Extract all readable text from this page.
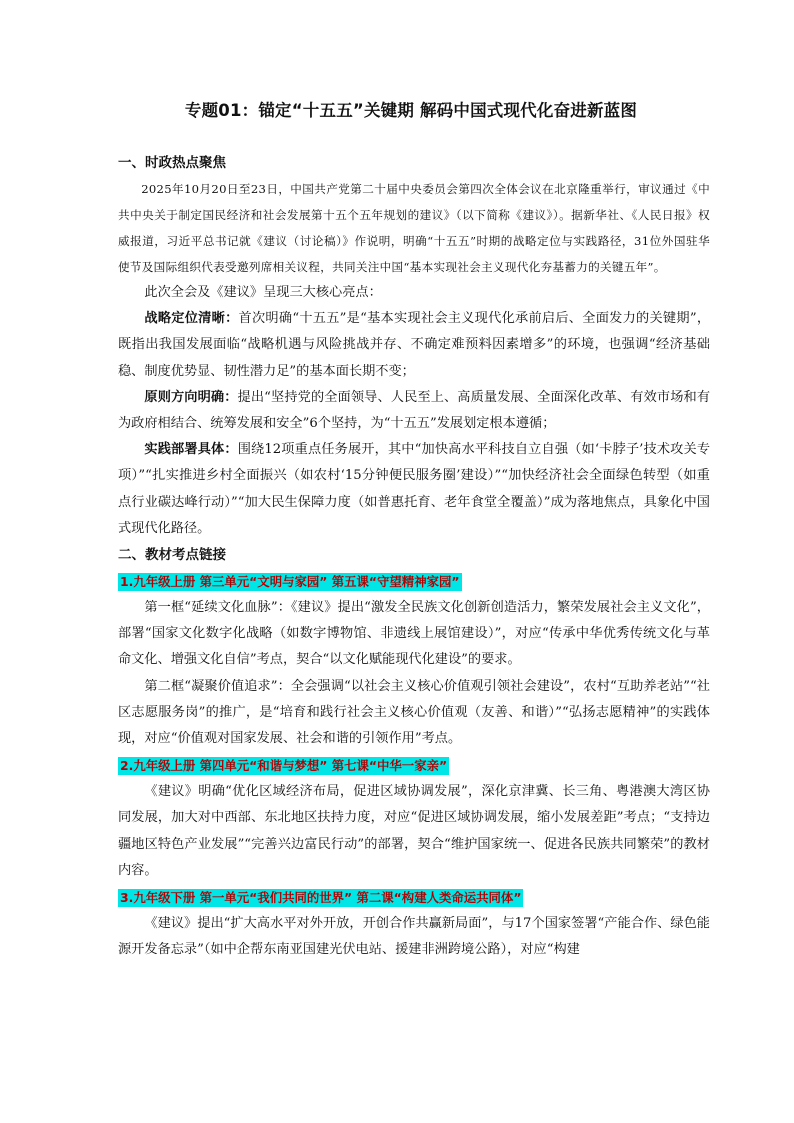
专题01：锚定“十五五”关键期 解码中国式现代化奋进新蓝图
一、时政热点聚焦

2025年10月20日至23日，中国共产党第二十届中央委员会第四次全体会议在北京隆重举行，审议通过《中共中央关于制定国民经济和社会发展第十五个五年规划的建议》（以下简称《建议》）。据新华社、《人民日报》权威报道，习近平总书记就《建议（讨论稿）》作说明，明确“十五五”时期的战略定位与实践路径，31位外国驻华使节及国际组织代表受邀列席相关议程，共同关注中国“基本实现社会主义现代化夯基蓄力的关键五年”。

此次全会及《建议》呈现三大核心亮点：

战略定位清晰：首次明确“十五五”是“基本实现社会主义现代化承前启后、全面发力的关键期”，既指出我国发展面临“战略机遇与风险挑战并存、不确定难预料因素增多”的环境，也强调“经济基础稳、制度优势显、韧性潜力足”的基本面长期不变；

原则方向明确：提出“坚持党的全面领导、人民至上、高质量发展、全面深化改革、有效市场和有为政府相结合、统筹发展和安全”6个坚持，为“十五五”发展划定根本遵循；

实践部署具体：围绕12项重点任务展开，其中“加快高水平科技自立自强（如‘卡脖子’技术攻关专项）”“扎实推进乡村全面振兴（如农村‘15分钟便民服务圈’建设）”“加快经济社会全面绿色转型（如重点行业碳达峰行动）”“加大民生保障力度（如普惠托育、老年食堂全覆盖）”成为落地焦点，具象化中国式现代化路径。

二、教材考点链接
1.九年级上册 第三单元“文明与家园” 第五课“守望精神家园”

第一框“延续文化血脉”：《建议》提出“激发全民族文化创新创造活力，繁荣发展社会主义文化”，部署“国家文化数字化战略（如数字博物馆、非遗线上展馆建设）”，对应“传承中华优秀传统文化与革命文化、增强文化自信”考点，契合“以文化赋能现代化建设”的要求。

第二框“凝聚价值追求”：全会强调“以社会主义核心价值观引领社会建设”，农村“互助养老站”“社区志愿服务岗”的推广，是“培育和践行社会主义核心价值观（友善、和谐）”“弘扬志愿精神”的实践体现，对应“价值观对国家发展、社会和谐的引领作用”考点。

2.九年级上册 第四单元“和谐与梦想” 第七课“中华一家亲”

《建议》明确“优化区域经济布局，促进区域协调发展”，深化京津冀、长三角、粤港澳大湾区协同发展，加大对中西部、东北地区扶持力度，对应“促进区域协调发展，缩小发展差距”考点；“支持边疆地区特色产业发展”“完善兴边富民行动”的部署，契合“维护国家统一、促进各民族共同繁荣”的教材内容。

3.九年级下册 第一单元“我们共同的世界” 第二课“构建人类命运共同体”

《建议》提出“扩大高水平对外开放，开创合作共赢新局面”，与17个国家签署“产能合作、绿色能源开发备忘录”（如中企帮东南亚国建光伏电站、援建非洲跨境公路），对应“构建
